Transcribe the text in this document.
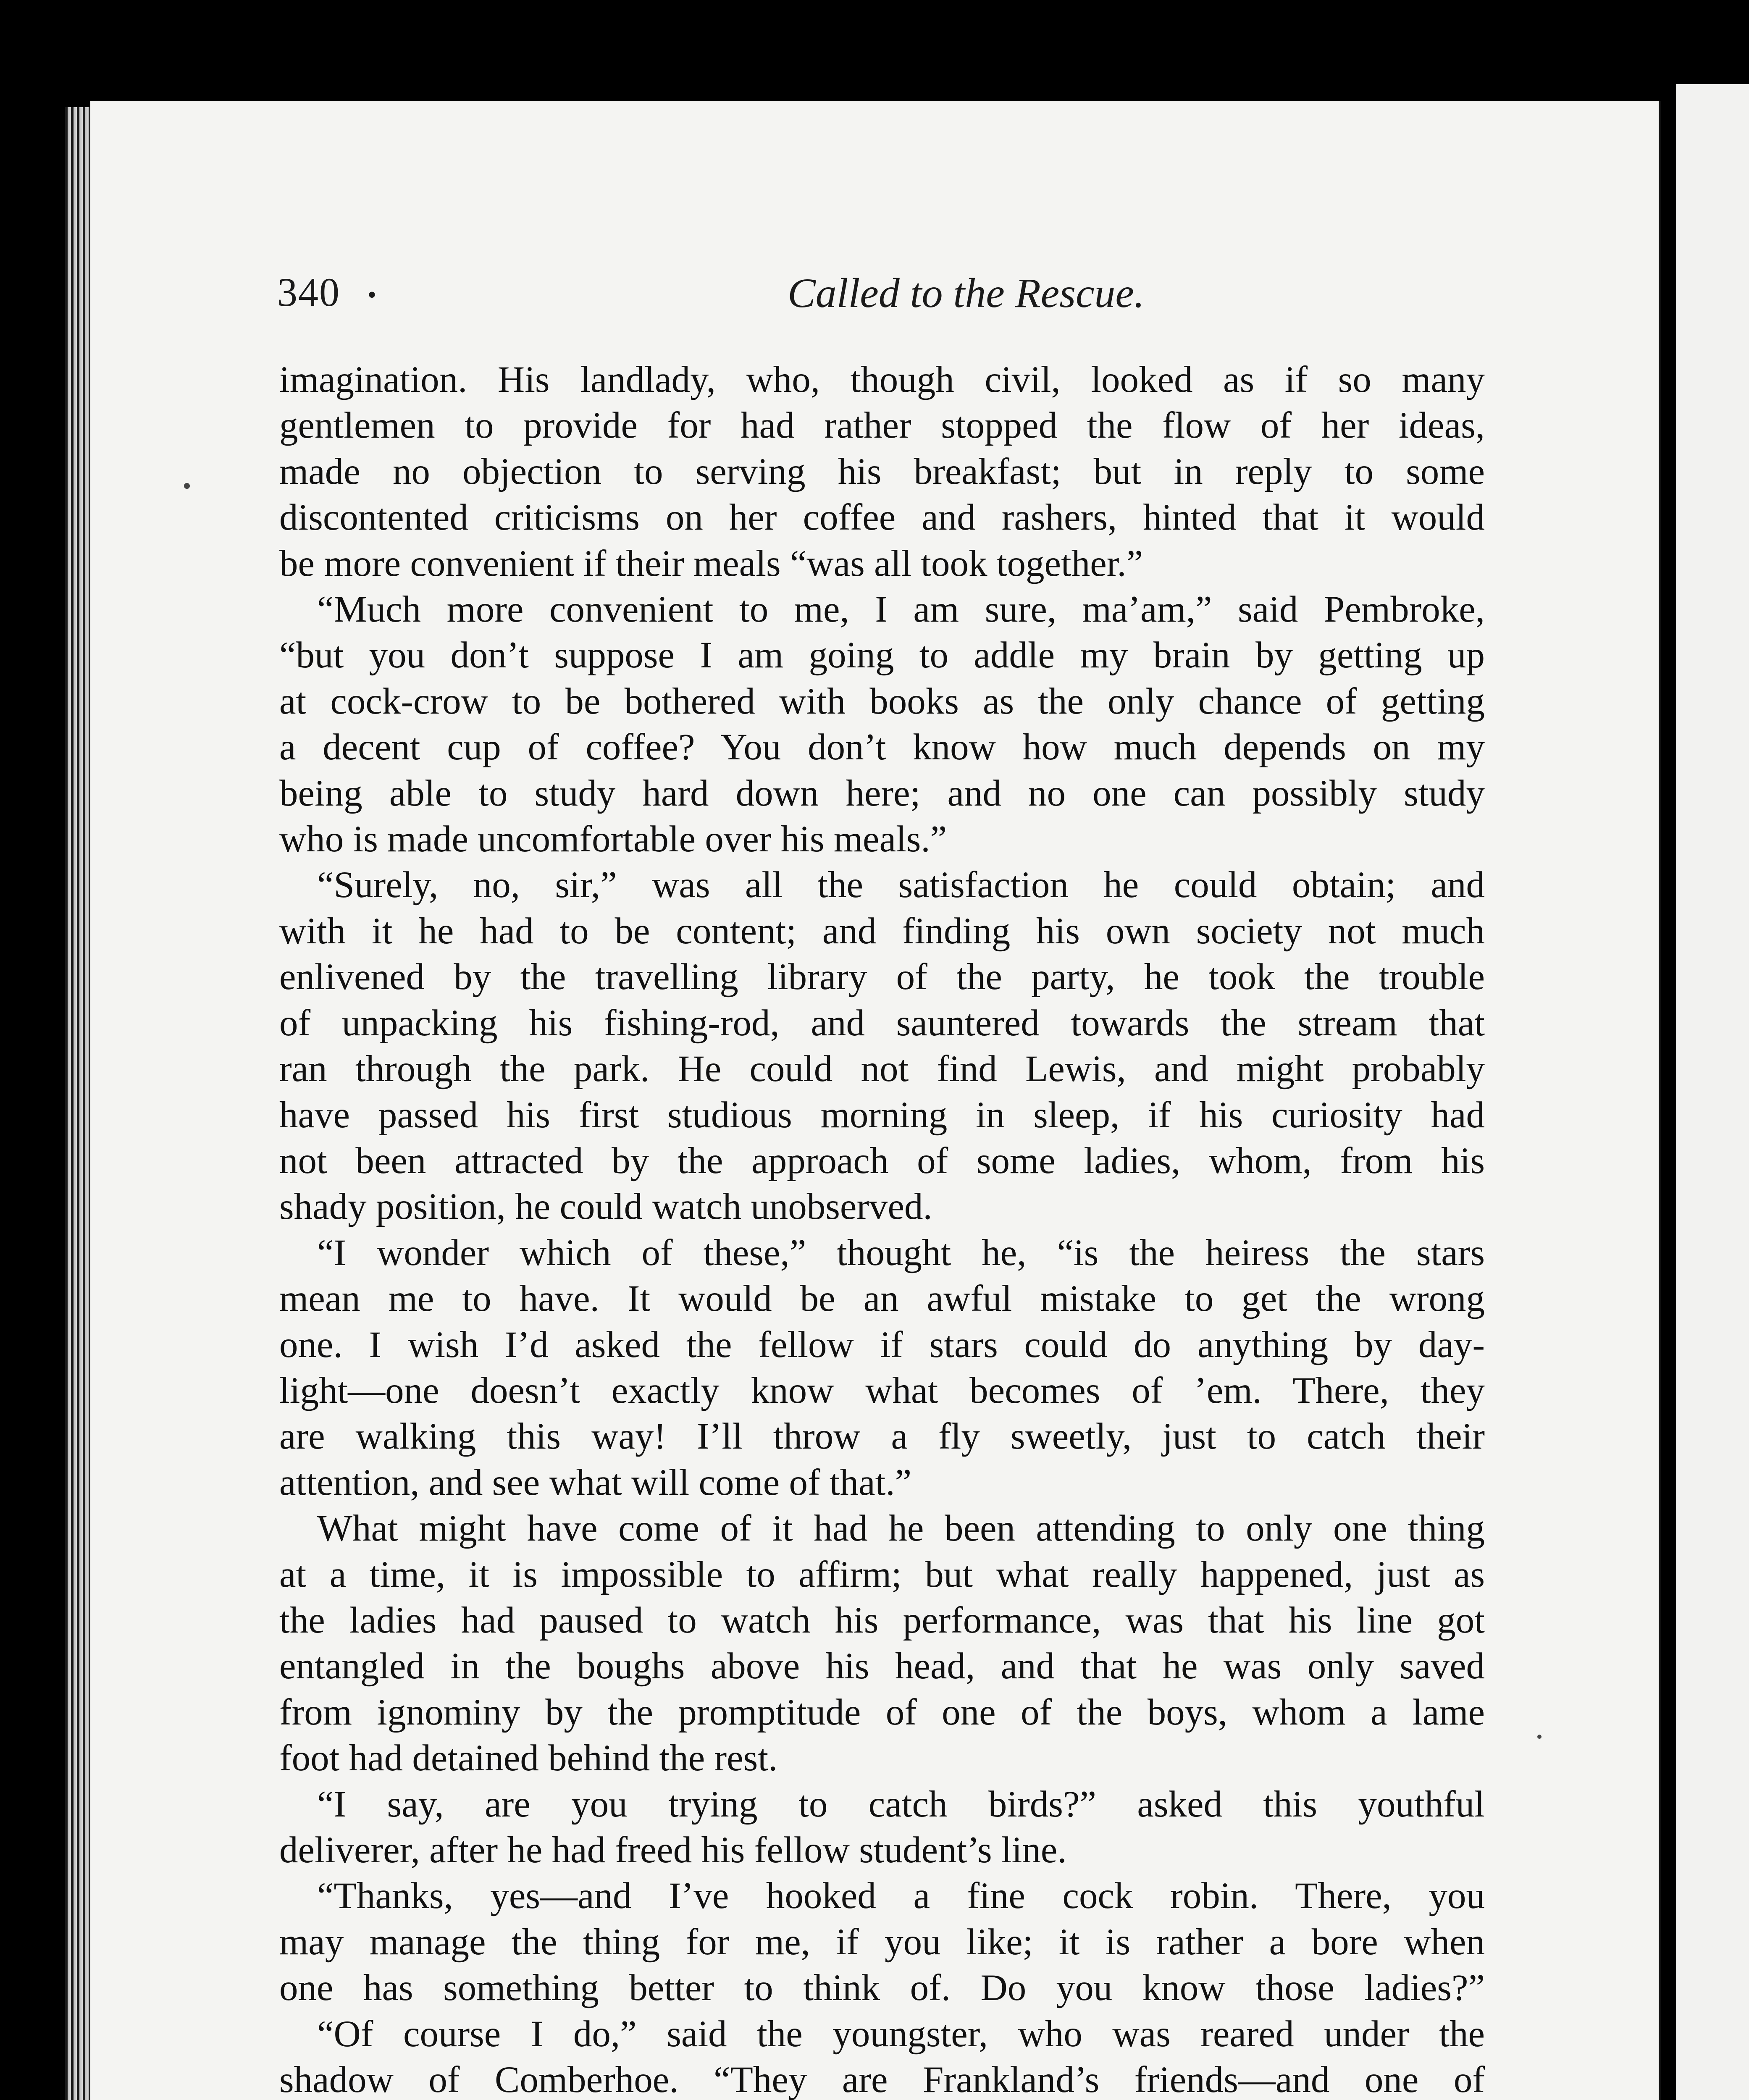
340 •	Called to the Rescue.

imagination. His landlady, who, though civil, looked as if so many

gentlemen to provide for had rather stopped the flow of her ideas,

made no objection to serving his breakfast; but in reply to some

discontented criticisms on her coffee and rashers, hinted that it would

be more convenient if their meals “was all took together.”

“Much more convenient to me, I am sure, ma’am,” said Pembroke,

“but you don’t suppose I am going to addle my brain by getting up

at cock-crow to be bothered with books as the only chance of getting

a decent cup of coffee? You don’t know how much depends on my

being able to study hard down here; and no one can possibly study

who is made uncomfortable over his meals.”

“Surely, no, sir,” was all the satisfaction he could obtain; and

with it he had to be content; and finding his own society not much

enlivened by the travelling library of the party, he took the trouble

of unpacking his fishing-rod, and sauntered towards the stream that

ran through the park. He could not find Lewis, and might probably

have passed his first studious morning in sleep, if his curiosity had

not been attracted by the approach of some ladies, whom, from his

shady position, he could watch unobserved.

“I wonder which of these,” thought he, “is the heiress the stars

mean me to have. It would be an awful mistake to get the wrong

one. I wish I’d asked the fellow if stars could do anything by day-

light—one doesn’t exactly know what becomes of ’em. There, they

are walking this way! I’ll throw a fly sweetly, just to catch their

attention, and see what will come of that.”

What might have come of it had he been attending to only one thing

at a time, it is impossible to affirm; but what really happened, just as

the ladies had paused to watch his performance, was that his line got

entangled in the boughs above his head, and that he was only saved

from ignominy by the promptitude of one of the boys, whom a lame

foot had detained behind the rest.

“I say, are you trying to catch birds?” asked this youthful

deliverer, after he had freed his fellow student’s line.

“Thanks, yes—and I’ve hooked a fine cock robin. There, you

may manage the thing for me, if you like; it is rather a bore when

one has something better to think of. Do you know those ladies?”

“Of course I do,” said the youngster, who was reared under the

shadow of Comberhoe. “They are Frankland’s friends—and one of
